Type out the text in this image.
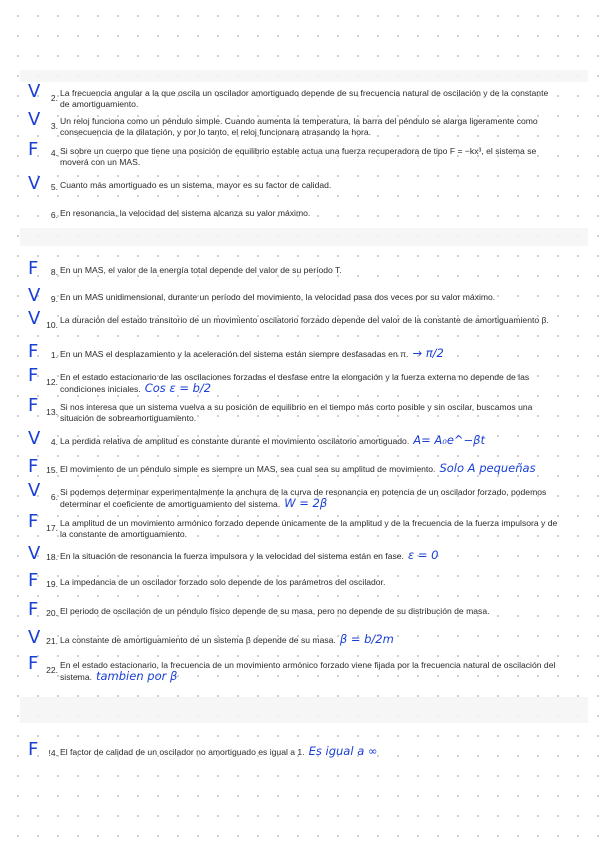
V	2. La frecuencia angular a la que oscila un oscilador amortiguado depende de su frecuencia natural de oscilación y de la constante de amortiguamiento.
V	3. Un reloj funciona como un péndulo simple. Cuando aumenta la temperatura, la barra del péndulo se alarga ligeramente como consecuencia de la dilatación, y por lo tanto, el reloj funcionara atrasando la hora.
F	4. Si sobre un cuerpo que tiene una posición de equilibrio estable actua una fuerza recuperadora de tipo F = −kx³, el sistema se moverá con un MAS.
V	5. Cuanto más amortiguado es un sistema, mayor es su factor de calidad.
6. En resonancia, la velocidad del sistema alcanza su valor máximo.
F	8. En un MAS, el valor de la energía total depende del valor de su período T.
V	9. En un MAS unidimensional, durante un período del movimiento, la velocidad pasa dos veces por su valor máximo.
V 10. La duración del estado transitorio de un movimiento oscilatorio forzado depende del valor de la constante de amortiguamiento β.
F	1. En un MAS el desplazamiento y la aceleración del sistema están siempre desfasadas en π. → π/2
F 12. En el estado estacionario de las oscilaciones forzadas el desfase entre la elongación y la fuerza externa no depende de las condiciones iniciales. Cos ε = b/2
F 13. Si nos interesa que un sistema vuelva a su posición de equilibrio en el tiempo más corto posible y sin oscilar, buscamos una situación de sobreamortiguamiento.
V	4. La perdida relativa de amplitud es constante durante el movimiento oscilatorio amortiguado. A= A₀e^−βt
F 15. El movimiento de un péndulo simple es siempre un MAS, sea cual sea su amplitud de movimiento. Solo A pequeñas
V	6. Si podemos determinar experimentalmente la anchura de la curva de resonancia en potencia de un oscilador forzado, podemos determinar el coeficiente de amortiguamiento del sistema. W = 2β
F 17. La amplitud de un movimiento armónico forzado depende únicamente de la amplitud y de la frecuencia de la fuerza impulsora y de la constante de amortiguamiento.
V 18. En la situación de resonancia la fuerza impulsora y la velocidad del sistema están en fase. ε = 0
F 19. La impedancia de un oscilador forzado solo depende de los parámetros del oscilador.
F 20. El periodo de oscilación de un péndulo físico depende de su masa, pero no depende de su distribución de masa.
V 21. La constante de amortiguamiento de un sistema β depende de su masa. β = b/2m
F 22. En el estado estacionario, la frecuencia de un movimiento armónico forzado viene fijada por la frecuencia natural de oscilación del sistema. tambien por β
F	!4. El factor de calidad de un oscilador no amortiguado es igual a 1. Es igual a ∞
